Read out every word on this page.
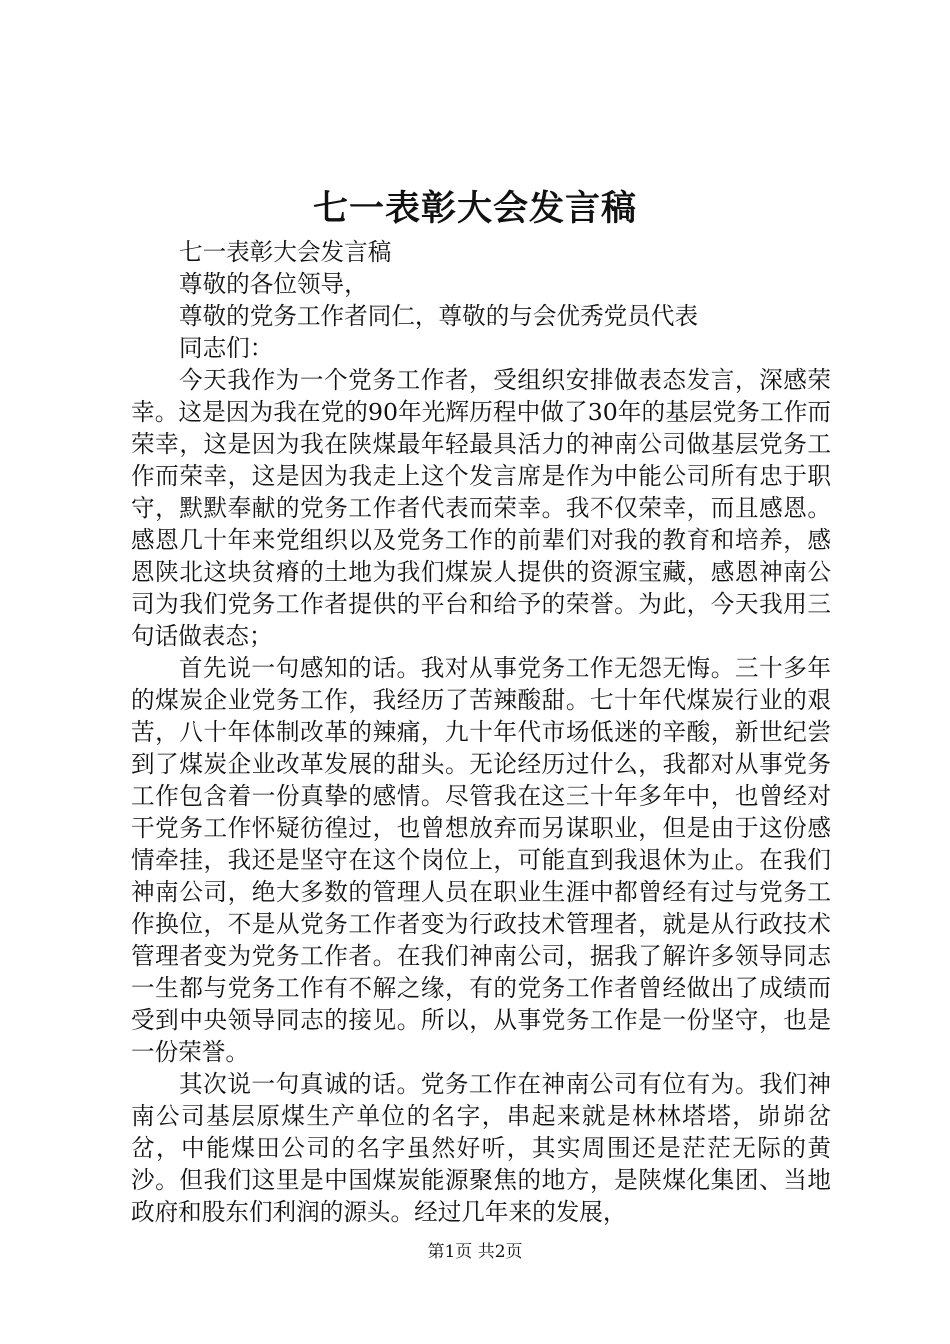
七一表彰大会发言稿

七一表彰大会发言稿

尊敬的各位领导，

尊敬的党务工作者同仁，尊敬的与会优秀党员代表

同志们：

今天我作为一个党务工作者，受组织安排做表态发言，深感荣幸。这是因为我在党的90年光辉历程中做了30年的基层党务工作而荣幸，这是因为我在陕煤最年轻最具活力的神南公司做基层党务工作而荣幸，这是因为我走上这个发言席是作为中能公司所有忠于职守，默默奉献的党务工作者代表而荣幸。我不仅荣幸，而且感恩。感恩几十年来党组织以及党务工作的前辈们对我的教育和培养，感恩陕北这块贫瘠的土地为我们煤炭人提供的资源宝藏，感恩神南公司为我们党务工作者提供的平台和给予的荣誉。为此，今天我用三句话做表态；

首先说一句感知的话。我对从事党务工作无怨无悔。三十多年的煤炭企业党务工作，我经历了苦辣酸甜。七十年代煤炭行业的艰苦，八十年体制改革的辣痛，九十年代市场低迷的辛酸，新世纪尝到了煤炭企业改革发展的甜头。无论经历过什么，我都对从事党务工作包含着一份真挚的感情。尽管我在这三十年多年中，也曾经对干党务工作怀疑彷徨过，也曾想放弃而另谋职业，但是由于这份感情牵挂，我还是坚守在这个岗位上，可能直到我退休为止。在我们神南公司，绝大多数的管理人员在职业生涯中都曾经有过与党务工作换位，不是从党务工作者变为行政技术管理者，就是从行政技术管理者变为党务工作者。在我们神南公司，据我了解许多领导同志一生都与党务工作有不解之缘，有的党务工作者曾经做出了成绩而受到中央领导同志的接见。所以，从事党务工作是一份坚守，也是一份荣誉。

其次说一句真诚的话。党务工作在神南公司有位有为。我们神南公司基层原煤生产单位的名字，串起来就是林林塔塔，峁峁岔岔，中能煤田公司的名字虽然好听，其实周围还是茫茫无际的黄沙。但我们这里是中国煤炭能源聚焦的地方，是陕煤化集团、当地政府和股东们利润的源头。经过几年来的发展，

第1页 共2页
